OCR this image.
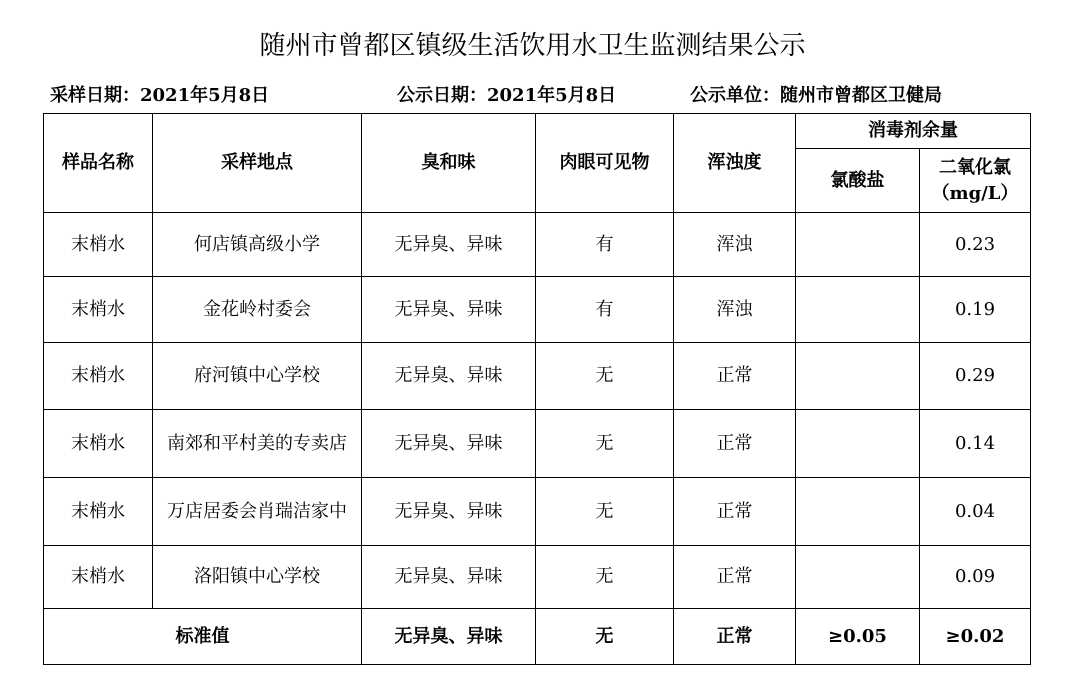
随州市曾都区镇级生活饮用水卫生监测结果公示
采样日期：2021年5月8日	公示日期：2021年5月8日	公示单位：随州市曾都区卫健局
样品名称	采样地点	臭和味	肉眼可见物	浑浊度	消毒剂余量	
					氯酸盐	二氧化氯
（mg/L）

末梢水	何店镇高级小学	无异臭、异味	有	浑浊		0.23
末梢水	金花岭村委会	无异臭、异味	有	浑浊		0.19
末梢水	府河镇中心学校	无异臭、异味	无	正常		0.29
末梢水	南郊和平村美的专卖店	无异臭、异味	无	正常		0.14
末梢水	万店居委会肖瑞洁家中	无异臭、异味	无	正常		0.04
末梢水	洛阳镇中心学校	无异臭、异味	无	正常		0.09
标准值		无异臭、异味	无	正常	≥0.05	≥0.02
